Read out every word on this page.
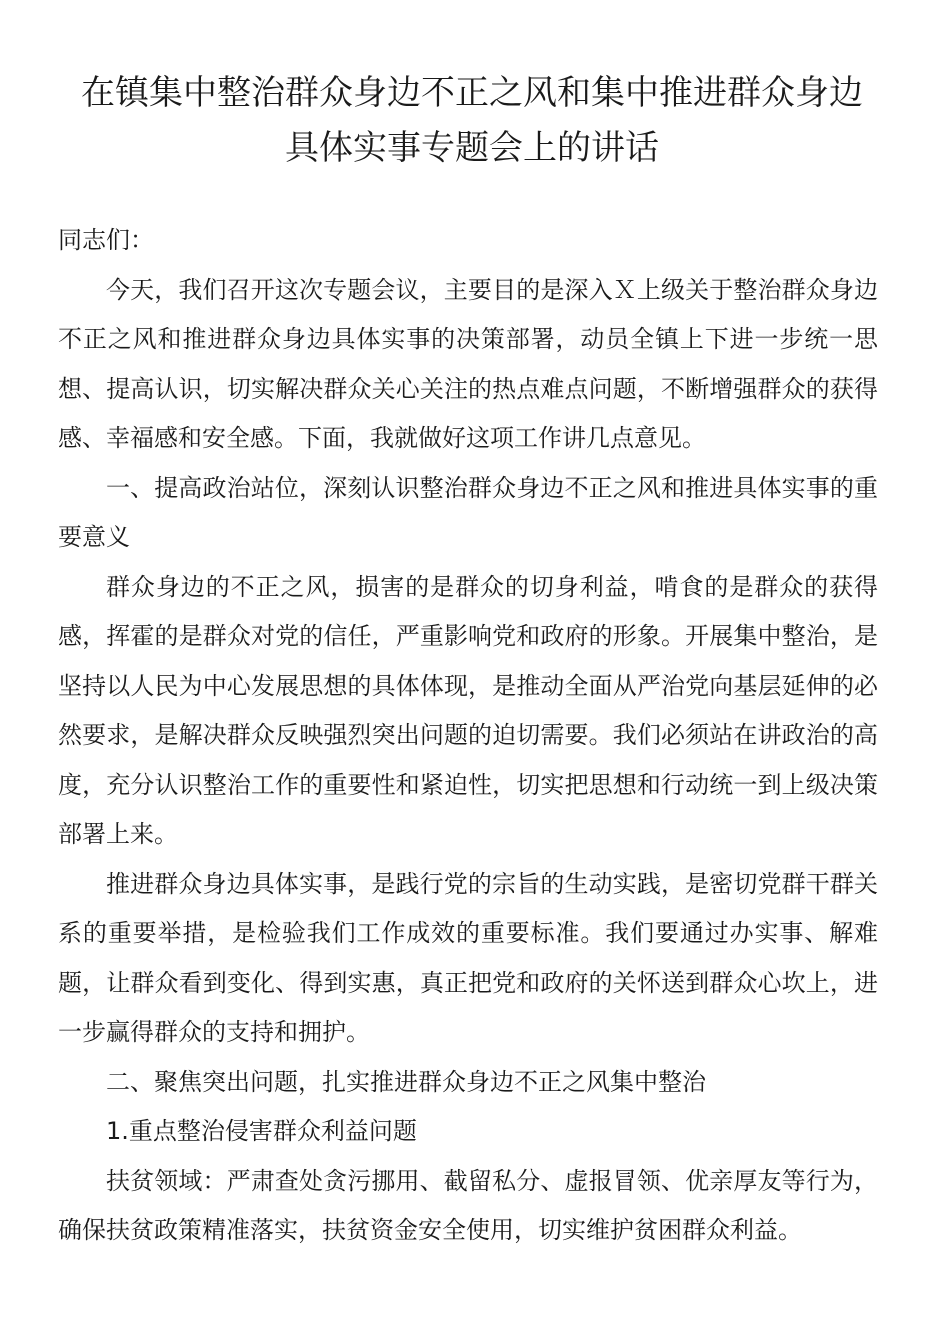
在镇集中整治群众身边不正之风和集中推进群众身边
具体实事专题会上的讲话

同志们：

今天，我们召开这次专题会议，主要目的是深入Ｘ上级关于整治群众身边不正之风和推进群众身边具体实事的决策部署，动员全镇上下进一步统一思想、提高认识，切实解决群众关心关注的热点难点问题，不断增强群众的获得感、幸福感和安全感。下面，我就做好这项工作讲几点意见。

一、提高政治站位，深刻认识整治群众身边不正之风和推进具体实事的重要意义

群众身边的不正之风，损害的是群众的切身利益，啃食的是群众的获得感，挥霍的是群众对党的信任，严重影响党和政府的形象。开展集中整治，是坚持以人民为中心发展思想的具体体现，是推动全面从严治党向基层延伸的必然要求，是解决群众反映强烈突出问题的迫切需要。我们必须站在讲政治的高度，充分认识整治工作的重要性和紧迫性，切实把思想和行动统一到上级决策部署上来。

推进群众身边具体实事，是践行党的宗旨的生动实践，是密切党群干群关系的重要举措，是检验我们工作成效的重要标准。我们要通过办实事、解难题，让群众看到变化、得到实惠，真正把党和政府的关怀送到群众心坎上，进一步赢得群众的支持和拥护。

二、聚焦突出问题，扎实推进群众身边不正之风集中整治

1.重点整治侵害群众利益问题

扶贫领域：严肃查处贪污挪用、截留私分、虚报冒领、优亲厚友等行为，确保扶贫政策精准落实，扶贫资金安全使用，切实维护贫困群众利益。
